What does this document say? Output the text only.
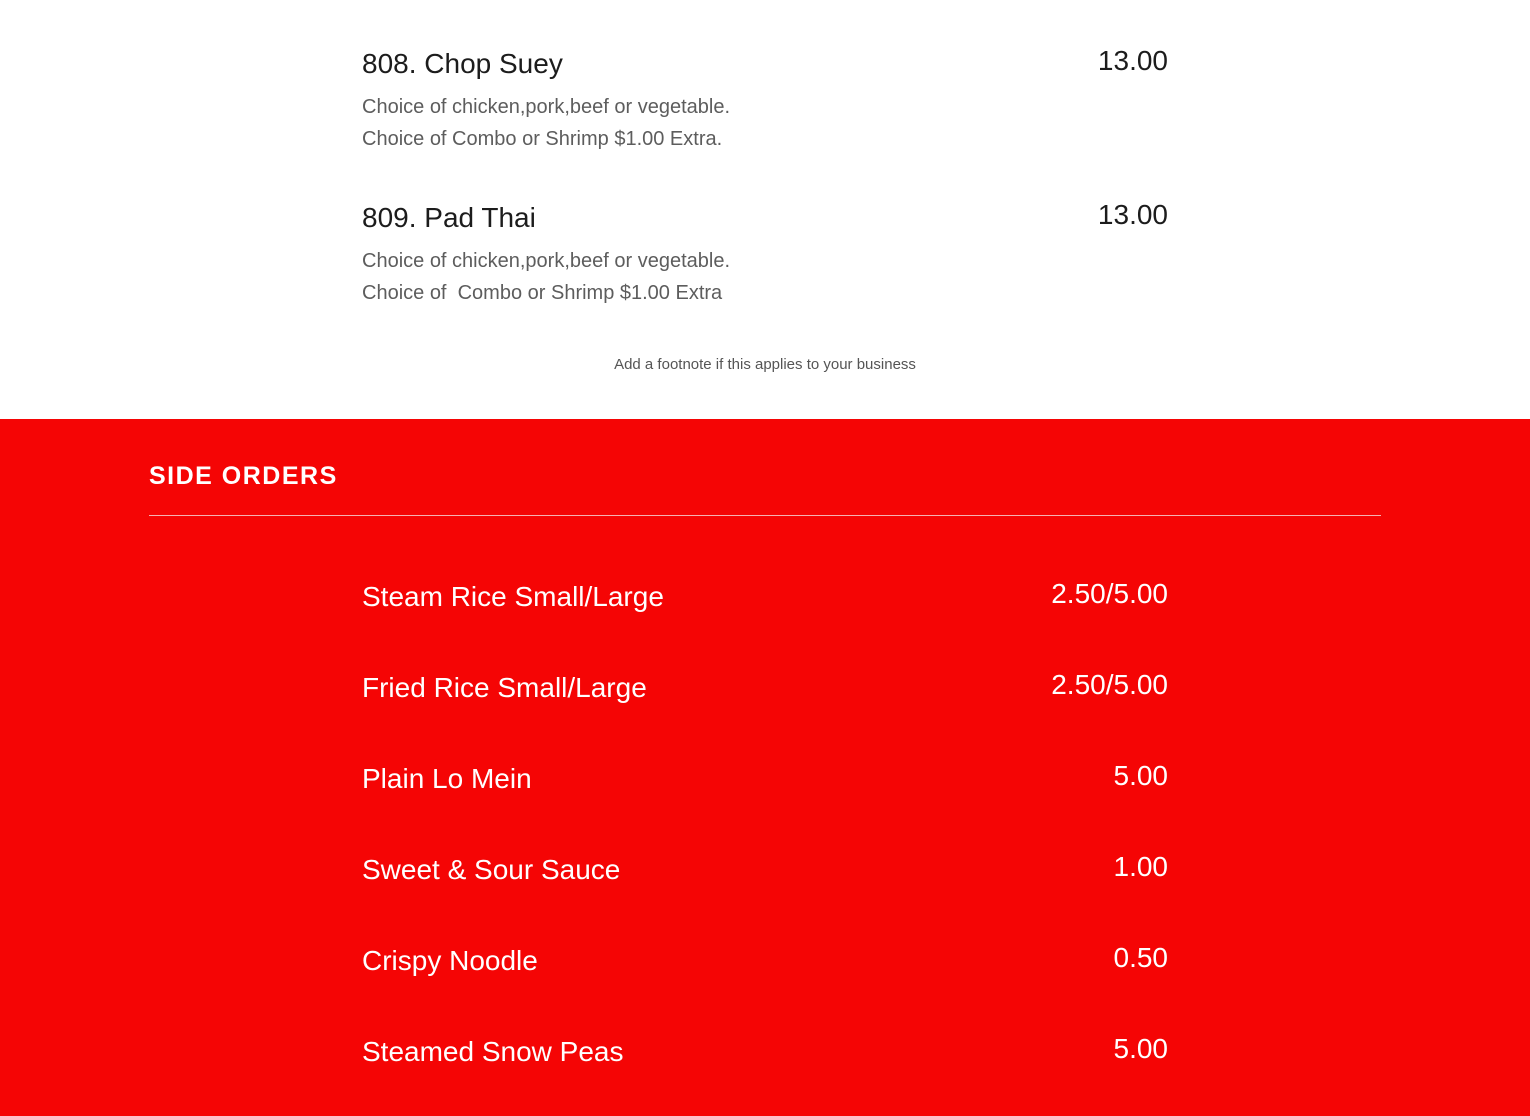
808. Chop Suey	13.00
Choice of chicken,pork,beef or vegetable.
Choice of Combo or Shrimp $1.00 Extra.
809. Pad Thai	13.00
Choice of chicken,pork,beef or vegetable.
Choice of  Combo or Shrimp $1.00 Extra
Add a footnote if this applies to your business
SIDE ORDERS
Steam Rice Small/Large	2.50/5.00
Fried Rice Small/Large	2.50/5.00
Plain Lo Mein	5.00
Sweet & Sour Sauce	1.00
Crispy Noodle	0.50
Steamed Snow Peas	5.00
